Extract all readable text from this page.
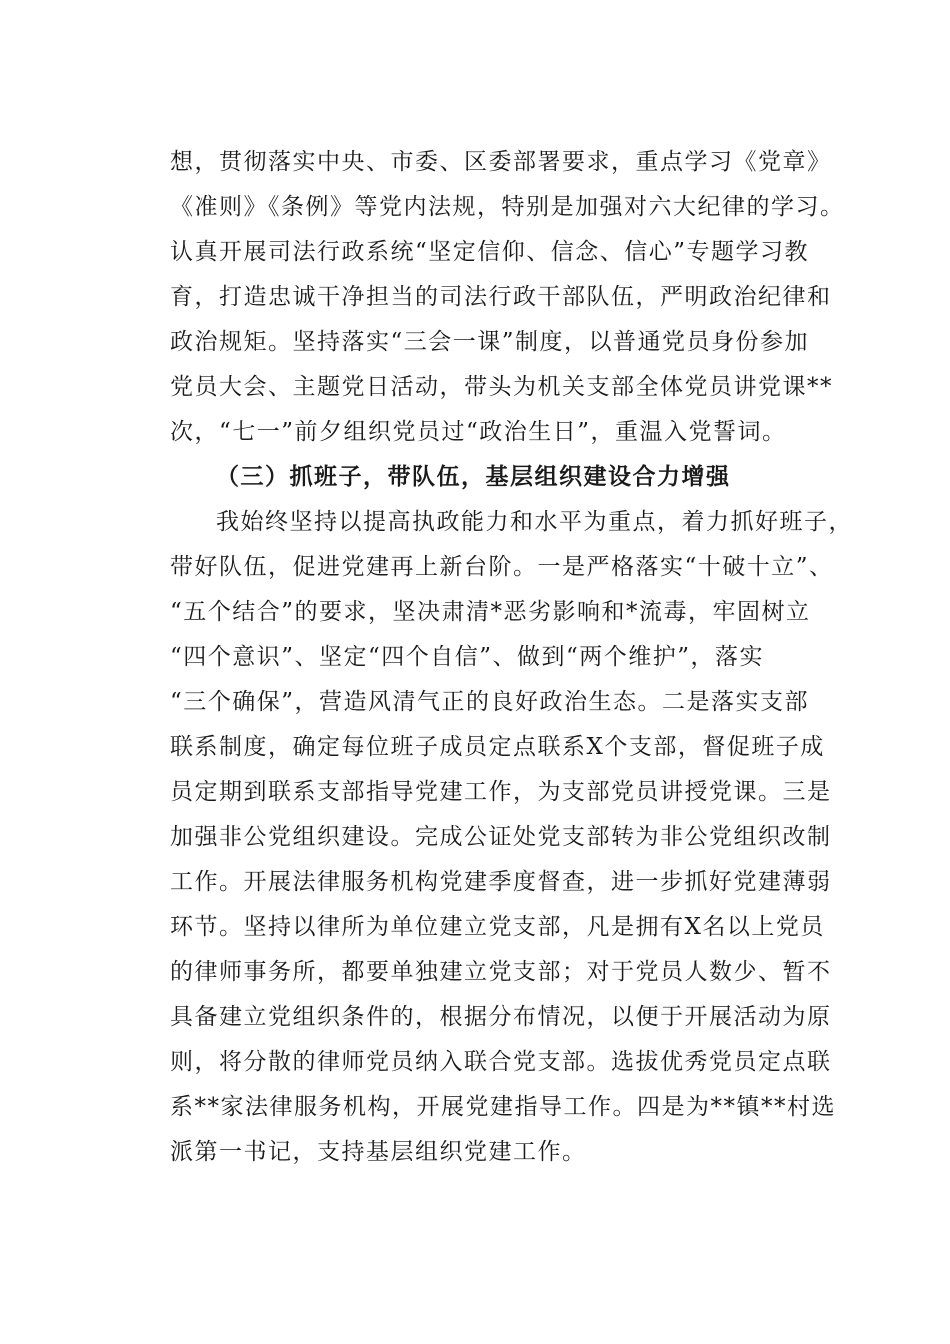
想，贯彻落实中央、市委、区委部署要求，重点学习《党章》
《准则》《条例》等党内法规，特别是加强对六大纪律的学习。
认真开展司法行政系统“坚定信仰、信念、信心”专题学习教
育，打造忠诚干净担当的司法行政干部队伍，严明政治纪律和
政治规矩。坚持落实“三会一课”制度，以普通党员身份参加
党员大会、主题党日活动，带头为机关支部全体党员讲党课**
次，“七一”前夕组织党员过“政治生日”，重温入党誓词。
（三）抓班子，带队伍，基层组织建设合力增强
我始终坚持以提高执政能力和水平为重点，着力抓好班子，
带好队伍，促进党建再上新台阶。一是严格落实“十破十立”、
“五个结合”的要求，坚决肃清*恶劣影响和*流毒，牢固树立
“四个意识”、坚定“四个自信”、做到“两个维护”，落实
“三个确保”，营造风清气正的良好政治生态。二是落实支部
联系制度，确定每位班子成员定点联系X个支部，督促班子成
员定期到联系支部指导党建工作，为支部党员讲授党课。三是
加强非公党组织建设。完成公证处党支部转为非公党组织改制
工作。开展法律服务机构党建季度督查，进一步抓好党建薄弱
环节。坚持以律所为单位建立党支部，凡是拥有X名以上党员
的律师事务所，都要单独建立党支部；对于党员人数少、暂不
具备建立党组织条件的，根据分布情况，以便于开展活动为原
则，将分散的律师党员纳入联合党支部。选拔优秀党员定点联
系**家法律服务机构，开展党建指导工作。四是为**镇**村选
派第一书记，支持基层组织党建工作。
